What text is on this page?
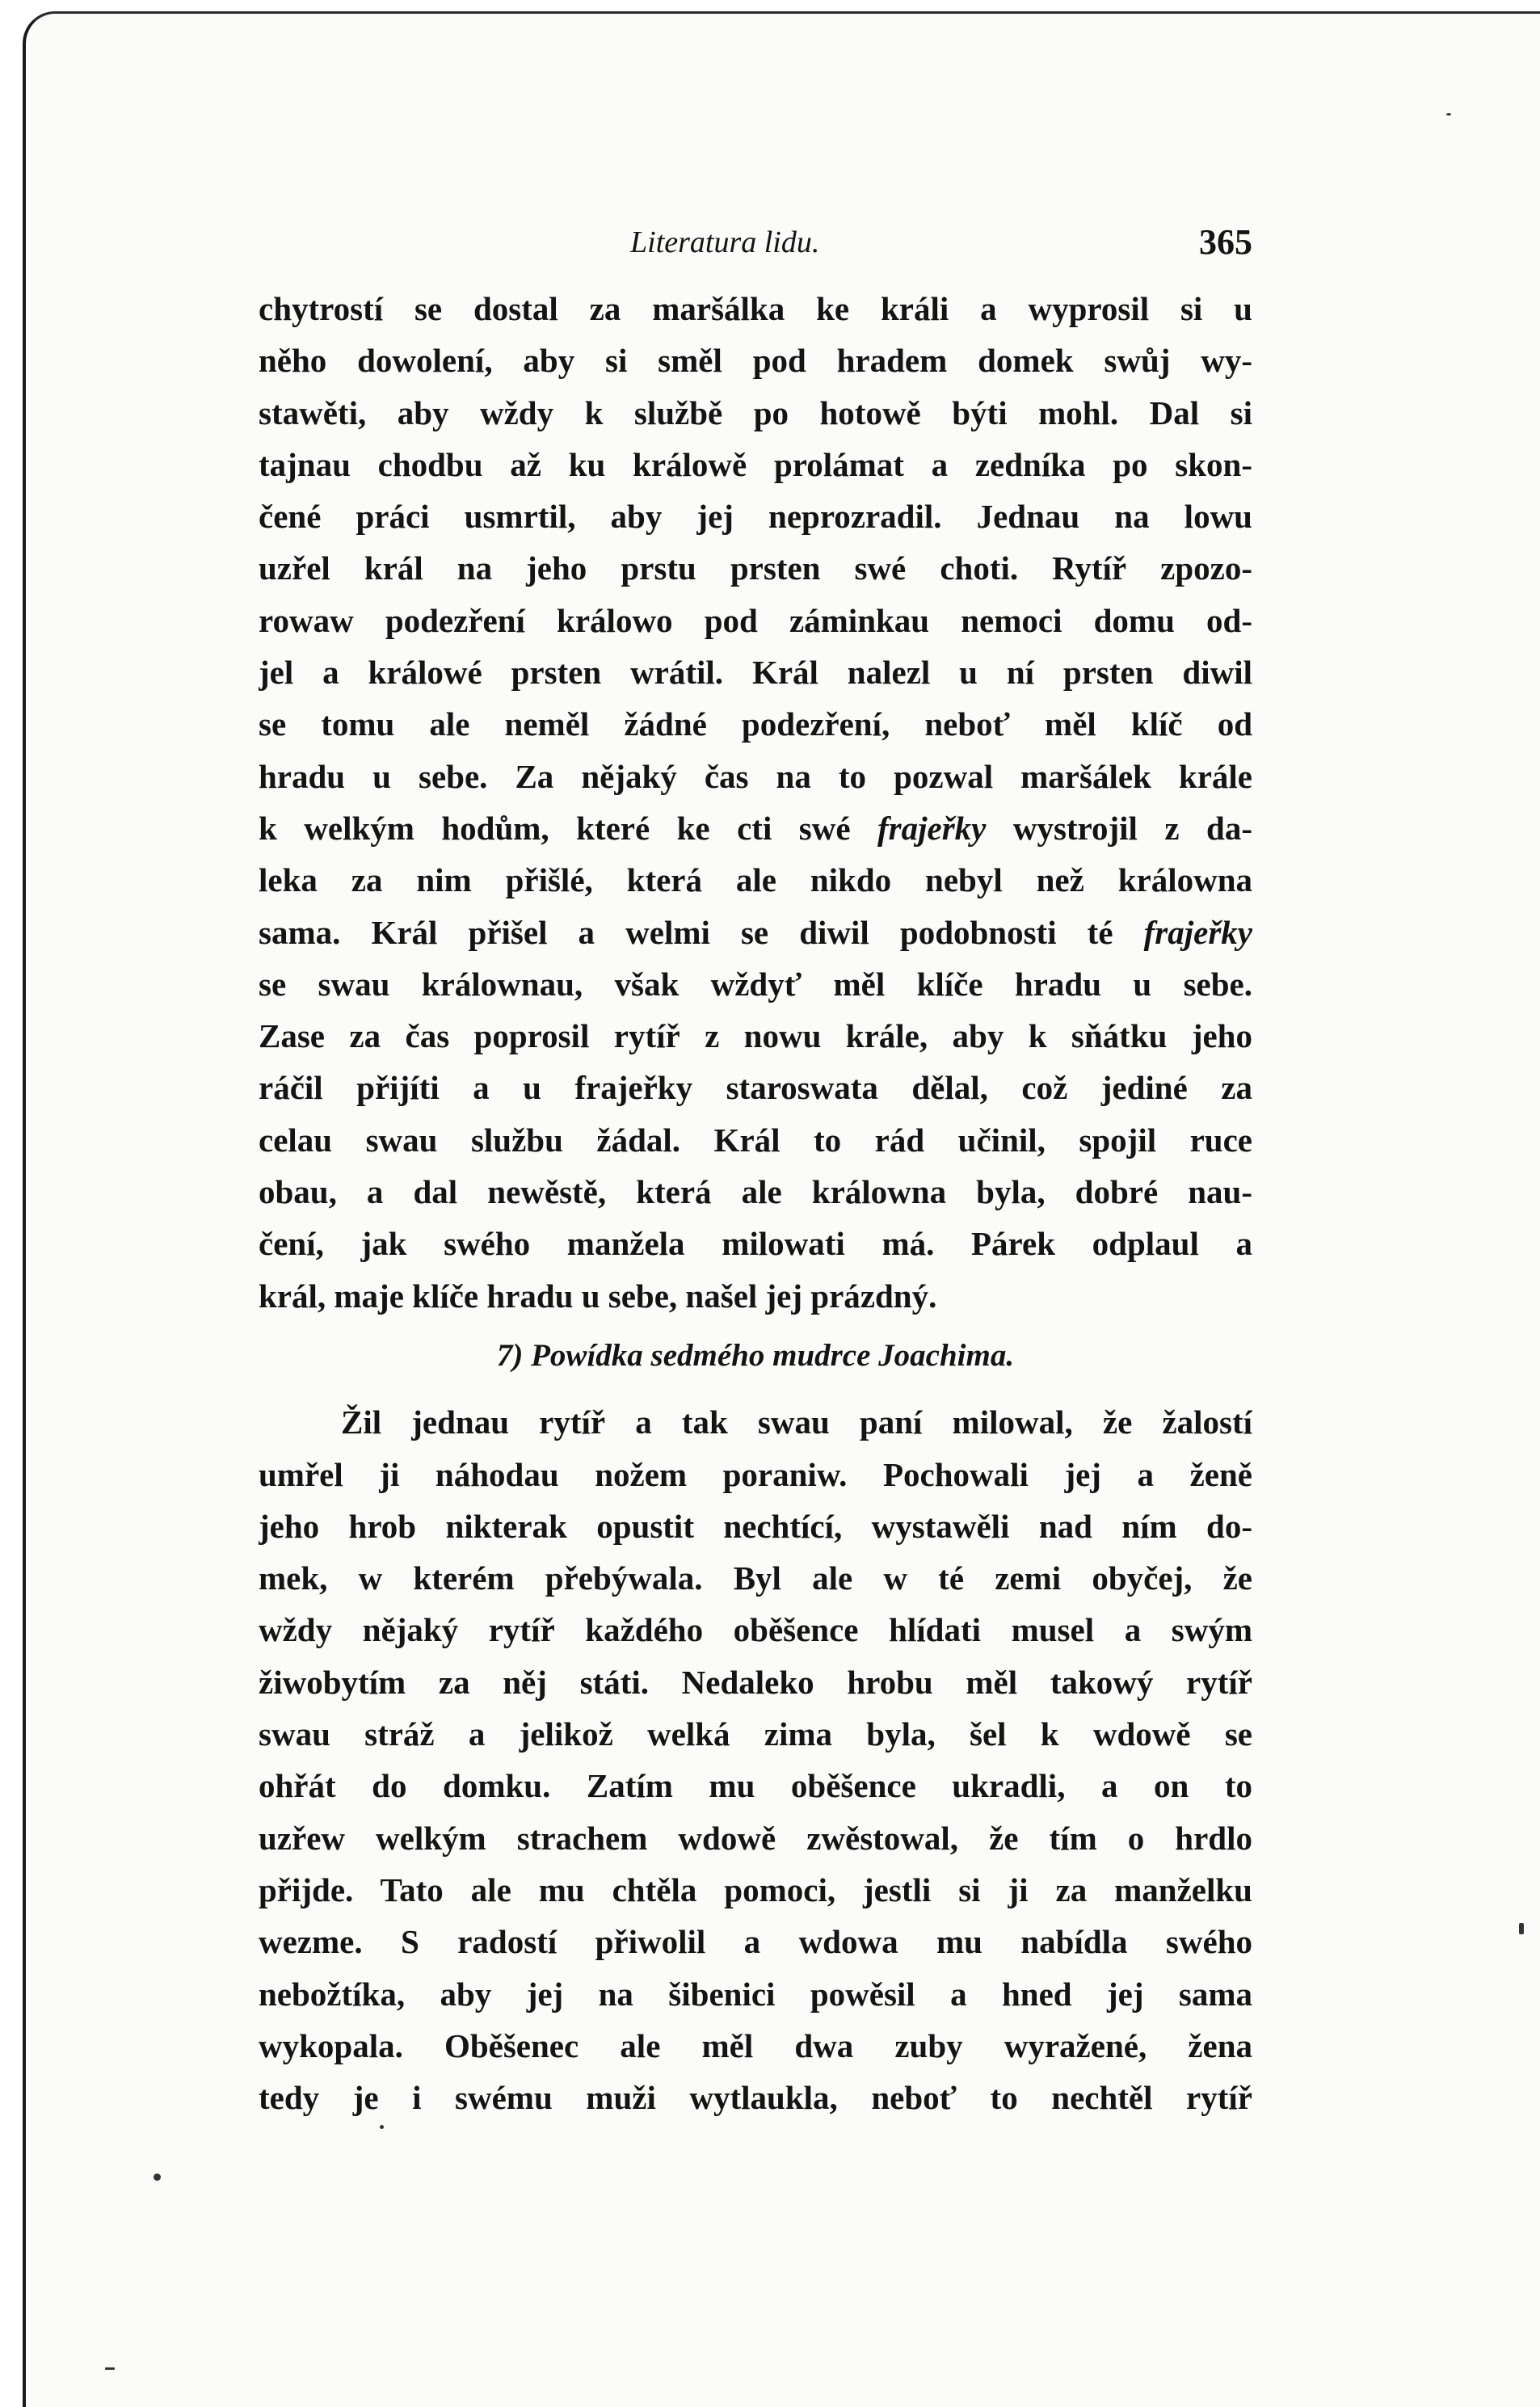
Literatura lidu.	365
chytrostí se dostal za maršálka ke králi a wyprosil si u
něho dowolení, aby si směl pod hradem domek swůj wy-
stawěti, aby wždy k službě po hotowě býti mohl. Dal si
tajnau chodbu až ku králowě prolámat a zedníka po skon-
čené práci usmrtil, aby jej neprozradil. Jednau na lowu
uzřel král na jeho prstu prsten swé choti. Rytíř zpozo-
rowaw podezření králowo pod záminkau nemoci domu od-
jel a králowé prsten wrátil. Král nalezl u ní prsten diwil
se tomu ale neměl žádné podezření, neboť měl klíč od
hradu u sebe. Za nějaký čas na to pozwal maršálek krále
k welkým hodům, které ke cti swé frajeřky wystrojil z da-
leka za nim přišlé, která ale nikdo nebyl než králowna
sama. Král přišel a welmi se diwil podobnosti té frajeřky
se swau králownau, však wždyť měl klíče hradu u sebe.
Zase za čas poprosil rytíř z nowu krále, aby k sňátku jeho
ráčil přijíti a u frajeřky staroswata dělal, což jediné za
celau swau službu žádal. Král to rád učinil, spojil ruce
obau, a dal newěstě, která ale králowna byla, dobré nau-
čení, jak swého manžela milowati má. Párek odplaul a
král, maje klíče hradu u sebe, našel jej prázdný.
7) Powídka sedmého mudrce Joachima.
Žil jednau rytíř a tak swau paní milowal, že žalostí
umřel ji náhodau nožem poraniw. Pochowali jej a ženě
jeho hrob nikterak opustit nechtící, wystawěli nad ním do-
mek, w kterém přebýwala. Byl ale w té zemi obyčej, že
wždy nějaký rytíř každého oběšence hlídati musel a swým
žiwobytím za něj státi. Nedaleko hrobu měl takowý rytíř
swau stráž a jelikož welká zima byla, šel k wdowě se
ohřát do domku. Zatím mu oběšence ukradli, a on to
uzřew welkým strachem wdowě zwěstowal, že tím o hrdlo
přijde. Tato ale mu chtěla pomoci, jestli si ji za manželku
wezme. S radostí přiwolil a wdowa mu nabídla swého
nebožtíka, aby jej na šibenici powěsil a hned jej sama
wykopala. Oběšenec ale měl dwa zuby wyražené, žena
tedy je i swému muži wytlaukla, neboť to nechtěl rytíř
